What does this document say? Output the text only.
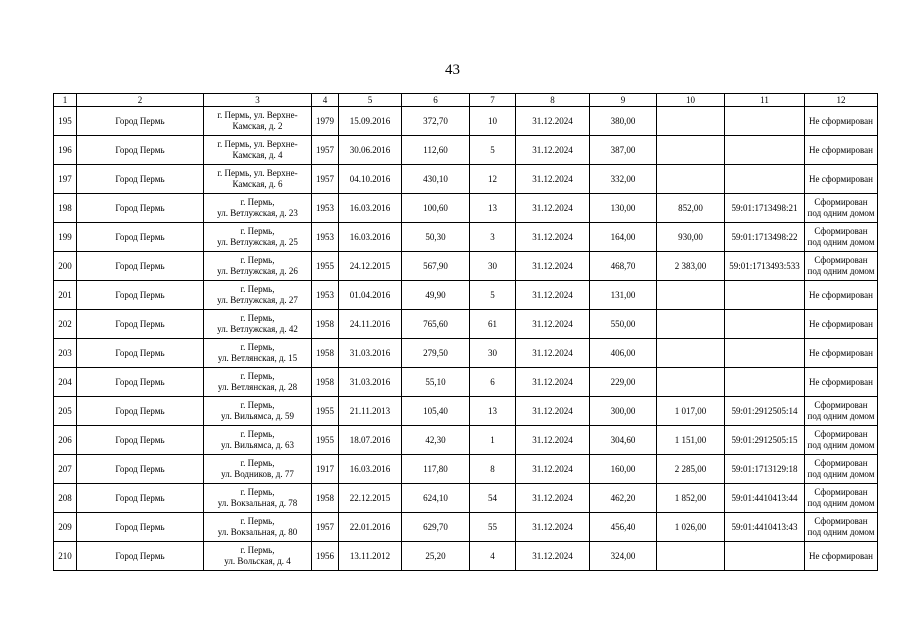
43
1	2	3	4	5	6	7	8	9	10	11	12
195	Город Пермь	г. Пермь, ул. Верхне-
Камская, д. 2	1979	15.09.2016	372,70	10	31.12.2024	380,00			Не сформирован

196	Город Пермь	г. Пермь, ул. Верхне-
Камская, д. 4	1957	30.06.2016	112,60	5	31.12.2024	387,00			Не сформирован

197	Город Пермь	г. Пермь, ул. Верхне-
Камская, д. 6	1957	04.10.2016	430,10	12	31.12.2024	332,00			Не сформирован

198	Город Пермь	г. Пермь,
ул. Ветлужская, д. 23	1953	16.03.2016	100,60	13	31.12.2024	130,00	852,00	59:01:1713498:21	Сформирован
под одним домом

199	Город Пермь	г. Пермь,
ул. Ветлужская, д. 25	1953	16.03.2016	50,30	3	31.12.2024	164,00	930,00	59:01:1713498:22	Сформирован
под одним домом

200	Город Пермь	г. Пермь,
ул. Ветлужская, д. 26	1955	24.12.2015	567,90	30	31.12.2024	468,70	2 383,00	59:01:1713493:533	Сформирован
под одним домом

201	Город Пермь	г. Пермь,
ул. Ветлужская, д. 27	1953	01.04.2016	49,90	5	31.12.2024	131,00			Не сформирован

202	Город Пермь	г. Пермь,
ул. Ветлужская, д. 42	1958	24.11.2016	765,60	61	31.12.2024	550,00			Не сформирован

203	Город Пермь	г. Пермь,
ул. Ветлянская, д. 15	1958	31.03.2016	279,50	30	31.12.2024	406,00			Не сформирован

204	Город Пермь	г. Пермь,
ул. Ветлянская, д. 28	1958	31.03.2016	55,10	6	31.12.2024	229,00			Не сформирован

205	Город Пермь	г. Пермь,
ул. Вильямса, д. 59	1955	21.11.2013	105,40	13	31.12.2024	300,00	1 017,00	59:01:2912505:14	Сформирован
под одним домом

206	Город Пермь	г. Пермь,
ул. Вильямса, д. 63	1955	18.07.2016	42,30	1	31.12.2024	304,60	1 151,00	59:01:2912505:15	Сформирован
под одним домом

207	Город Пермь	г. Пермь,
ул. Водников, д. 77	1917	16.03.2016	117,80	8	31.12.2024	160,00	2 285,00	59:01:1713129:18	Сформирован
под одним домом

208	Город Пермь	г. Пермь,
ул. Вокзальная, д. 78	1958	22.12.2015	624,10	54	31.12.2024	462,20	1 852,00	59:01:4410413:44	Сформирован
под одним домом

209	Город Пермь	г. Пермь,
ул. Вокзальная, д. 80	1957	22.01.2016	629,70	55	31.12.2024	456,40	1 026,00	59:01:4410413:43	Сформирован
под одним домом

210	Город Пермь	г. Пермь,
ул. Вольская, д. 4	1956	13.11.2012	25,20	4	31.12.2024	324,00			Не сформирован
